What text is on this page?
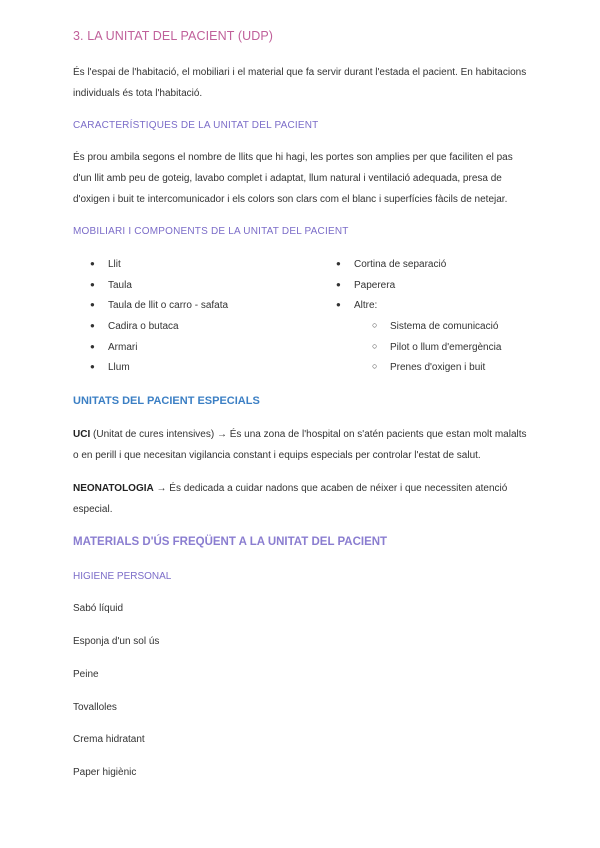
3. LA UNITAT DEL PACIENT (UDP)
És l'espai de l'habitació, el mobiliari i el material que fa servir durant l'estada el pacient. En habitacions individuals és tota l'habitació.
CARACTERÍSTIQUES DE LA UNITAT DEL PACIENT
És prou ambila segons el nombre de llits que hi hagi, les portes son amplies per que faciliten el pas d'un llit amb peu de goteig, lavabo complet i adaptat, llum natural i ventilació adequada, presa de d'oxigen i buit te intercomunicador i els colors son clars com el blanc i superfícies fàcils de netejar.
MOBILIARI I COMPONENTS DE LA UNITAT DEL PACIENT
● Llit
● Taula
● Taula de llit o carro - safata
● Cadira o butaca
● Armari
● Llum
● Cortina de separació
● Paperera
● Altre:
○ Sistema de comunicació
○ Pilot o llum d'emergència
○ Prenes d'oxigen i buit
UNITATS DEL PACIENT ESPECIALS
UCI (Unitat de cures intensives) → És una zona de l'hospital on s'atén pacients que estan molt malalts o en perill i que necesitan vigilancia constant i equips especials per controlar l'estat de salut.
NEONATOLOGIA → És dedicada a cuidar nadons que acaben de néixer i que necessiten atenció especial.
MATERIALS D'ÚS FREQÜENT A LA UNITAT DEL PACIENT
HIGIENE PERSONAL
Sabó líquid
Esponja d'un sol ús
Peine
Tovalloles
Crema hidratant
Paper higiènic
